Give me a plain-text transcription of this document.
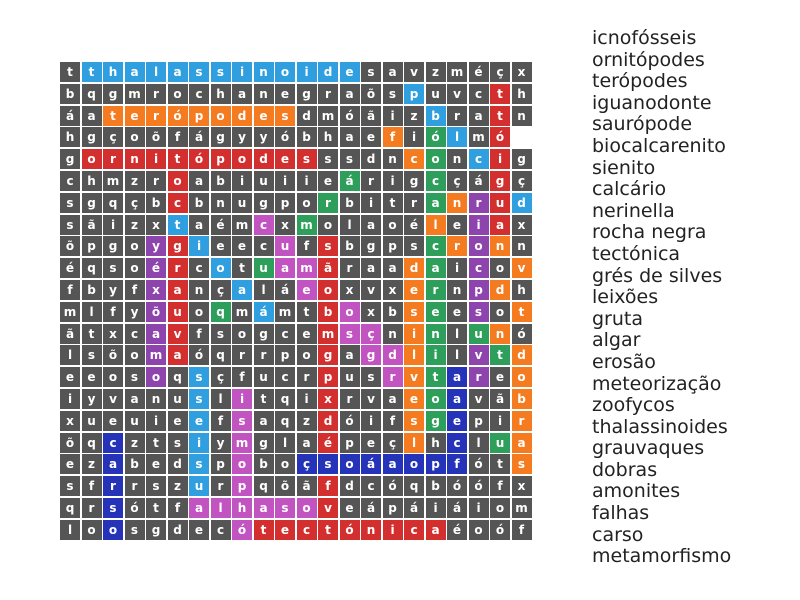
t	t	h	a	l	a	s	s	i	n	o	i	d	e	s	a	v	z m é	ç	x
b	q	g m	r	o	c	h	a	n	e	g	r	a	õ	s	p	u	v	c	t	h
á	a	t	e	r	ó	p	o	d	e	s	d m ó	ã	i	z	b	r	a	t	n
h	g	ç	o	õ	f	á	g	y	y	ó	b	h	a	e	f	i	ó	l	m ó
g	o	r	n	i	t	ó	p	o	d	e	s	s	s	d	n	c	o	n	c	i	g
c	h m z	r	o	a	b	i	u	i	i	e	á	r	i	g	c	ç	á	g	ç
s	g	q	ç	b	c	b	n	u	g	p	o	r	b	i	t	r	a	n	r	u	d
s	ã	i	z	x	t	a	é m c	x m o	l	a	o	é	l	e	i	a	x
õ	p	g	o	y	g	i	e	e	c	u	f	s	b	g	p	s	c	r	o	n	n
é	q	s	o	é	r	c	o	t	u	a m ã	r	a	a	d	a	i	c	o	v
f	b	y	f	x	a	n	ç	a	l	á	e	o	x	v	x	e	r	n	p	d	h
m	l	f	y	õ	u	o	q m á m	t	b	o	x	b	s	e	e	s	o	t
ã	t	x	c	a	v	f	s	o	g	c	e m s	ç	n	i	n	l	u	n	ó
l	s	õ	o m a	ó	q	r	r	p	o	g	a	g	d	l	i	l	v	t	d
e	e	o	s	o	q	s	ç	f	u	c	r	p	u	s	r	v	t	a	r	e	o
i	y	v	a	n	u	s	l	i	t	q	i	x	r	v	a	e	o	a	v	ã	b
x	u	e	u	i	e	e	f	s	a	q	z	d	ó	i	f	s	g	e	p	i	r
õ	q	c	z	t	s	i	y m g	l	a	é	p	e	ç	l	h	c	l	u	a
e	z	a	b	e	d	s	p	o	b	o	ç	s	o	á	a	o	p	f	ó	t	s
s	f	r	r	s	z	u	r	p	q	õ	ã	f	d	c	ó	q	b	ó	ó	f	x
q	r	s	ó	t	f	a	l	h	a	s	o	v	e	á	p	á	i	á	i	o m
l	o	o	s	g	d	e	c	ó	t	e	c	t	ó	n	i	c	a	é	o	ó	f
icnofósseis
ornitópodes
terópodes
iguanodonte
saurópode
biocalcarenito
sienito
calcário
nerinella
rocha negra
tectónica
grés de silves
leixões
gruta
algar
erosão
meteorização
zoofycos
thalassinoides
grauvaques
dobras
amonites
falhas
carso
metamorfismo
